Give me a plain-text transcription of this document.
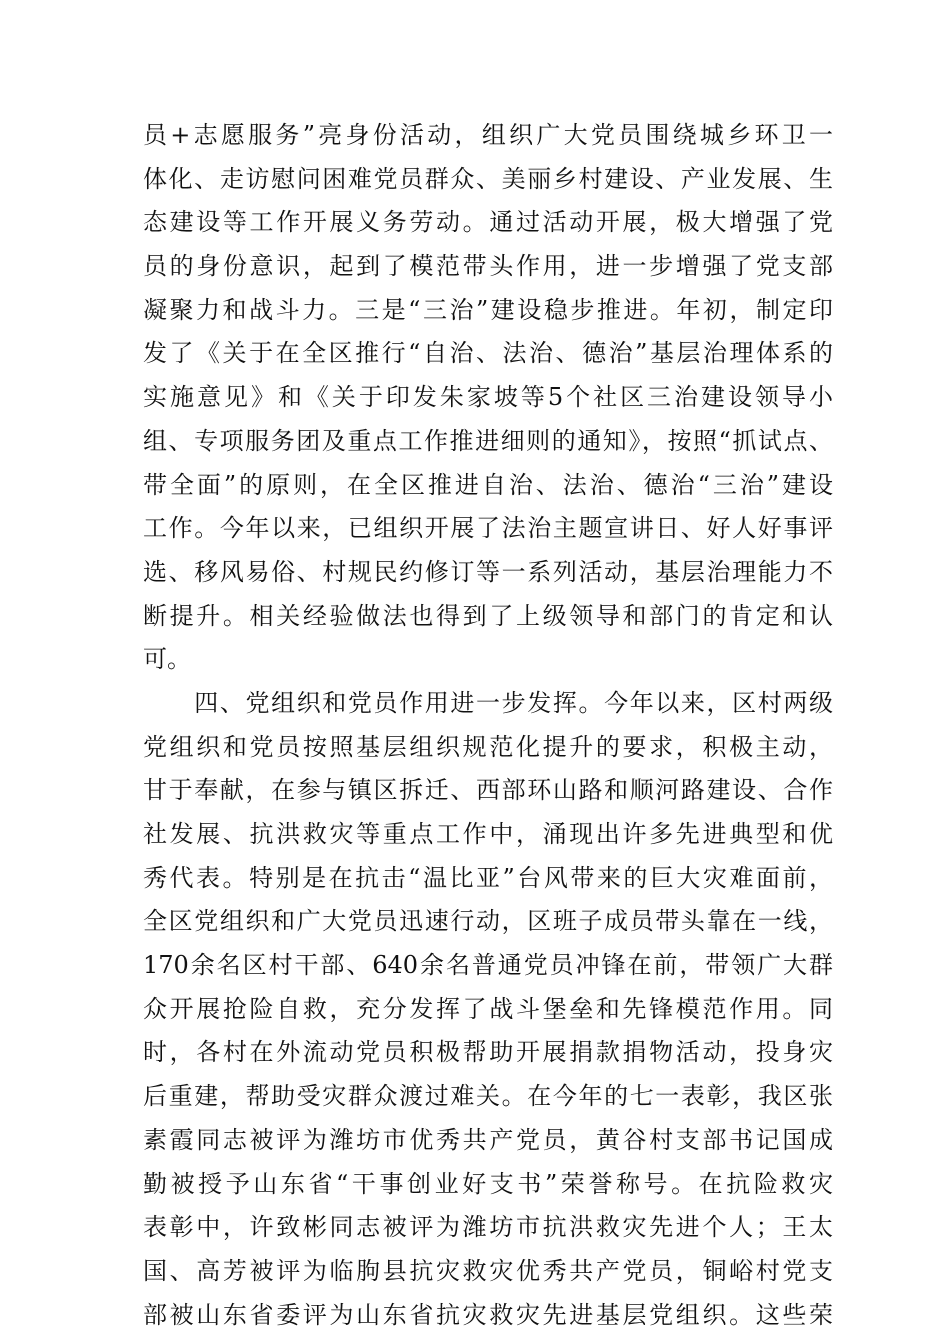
员+志愿服务”亮身份活动，组织广大党员围绕城乡环卫一
体化、走访慰问困难党员群众、美丽乡村建设、产业发展、生
态建设等工作开展义务劳动。通过活动开展，极大增强了党
员的身份意识，起到了模范带头作用，进一步增强了党支部
凝聚力和战斗力。三是“三治”建设稳步推进。年初，制定印
发了《关于在全区推行“自治、法治、德治”基层治理体系的
实施意见》和《关于印发朱家坡等5个社区三治建设领导小
组、专项服务团及重点工作推进细则的通知》，按照“抓试点、
带全面”的原则，在全区推进自治、法治、德治“三治”建设
工作。今年以来，已组织开展了法治主题宣讲日、好人好事评
选、移风易俗、村规民约修订等一系列活动，基层治理能力不
断提升。相关经验做法也得到了上级领导和部门的肯定和认
可。
　　四、党组织和党员作用进一步发挥。今年以来，区村两级
党组织和党员按照基层组织规范化提升的要求，积极主动，
甘于奉献，在参与镇区拆迁、西部环山路和顺河路建设、合作
社发展、抗洪救灾等重点工作中，涌现出许多先进典型和优
秀代表。特别是在抗击“温比亚”台风带来的巨大灾难面前，
全区党组织和广大党员迅速行动，区班子成员带头靠在一线，
170余名区村干部、640余名普通党员冲锋在前，带领广大群
众开展抢险自救，充分发挥了战斗堡垒和先锋模范作用。同
时，各村在外流动党员积极帮助开展捐款捐物活动，投身灾
后重建，帮助受灾群众渡过难关。在今年的七一表彰，我区张
素霞同志被评为潍坊市优秀共产党员，黄谷村支部书记国成
勤被授予山东省“干事创业好支书”荣誉称号。在抗险救灾
表彰中，许致彬同志被评为潍坊市抗洪救灾先进个人；王太
国、高芳被评为临朐县抗灾救灾优秀共产党员，铜峪村党支
部被山东省委评为山东省抗灾救灾先进基层党组织。这些荣
